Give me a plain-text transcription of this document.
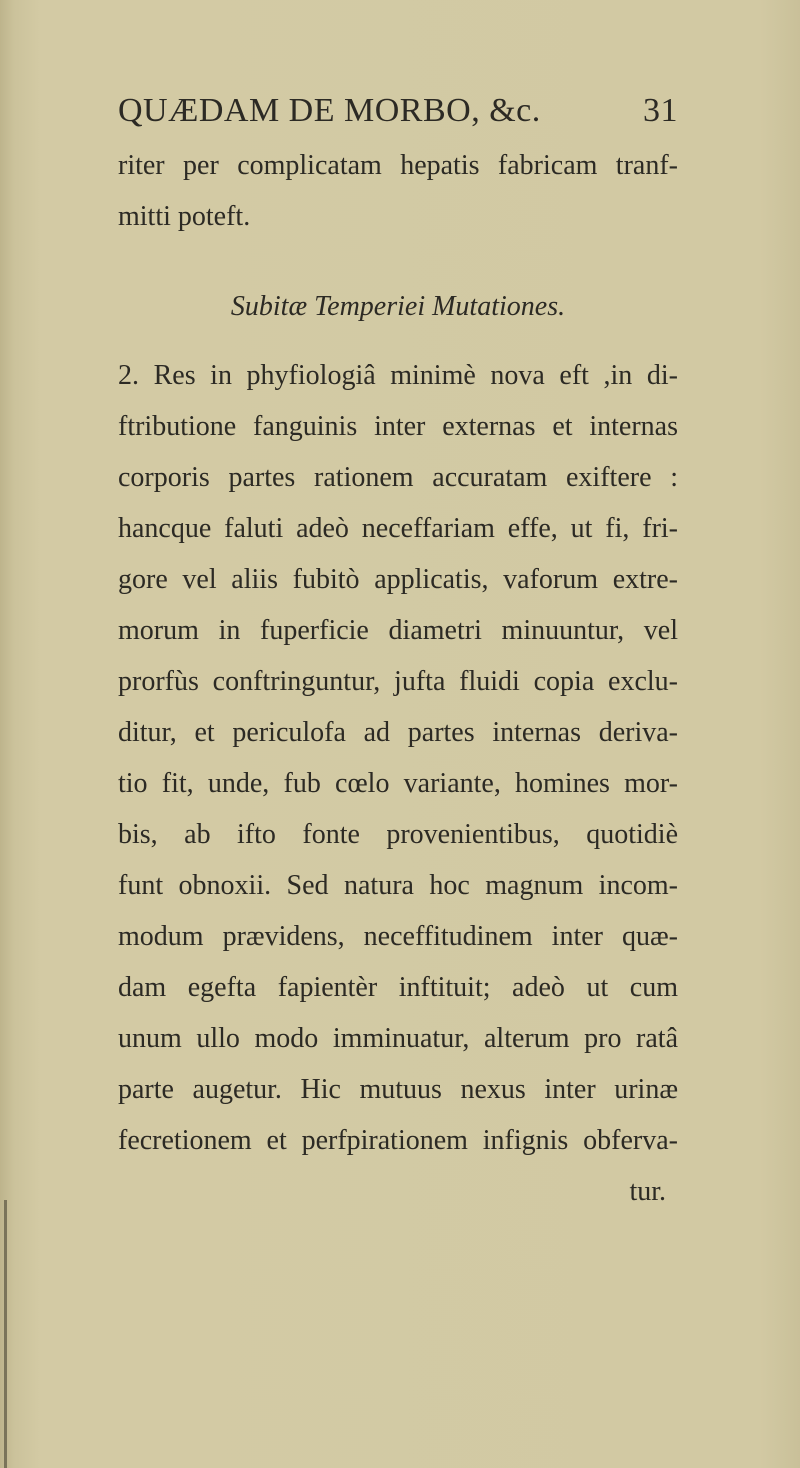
QUÆDAM DE MORBO, &c.	31
riter per complicatam hepatis fabricam tranf-
mitti poteft.
Subitæ Temperiei Mutationes.
2. Res in phyfiologiâ minimè nova eft ,in di-
ftributione fanguinis inter externas et internas
corporis partes rationem accuratam exiftere :
hancque faluti adeò neceffariam effe, ut fi, fri-
gore vel aliis fubitò applicatis, vaforum extre-
morum in fuperficie diametri minuuntur, vel
prorfùs conftringuntur, jufta fluidi copia exclu-
ditur, et periculofa ad partes internas deriva-
tio fit, unde, fub cœlo variante, homines mor-
bis, ab ifto fonte provenientibus, quotidiè
funt obnoxii. Sed natura hoc magnum incom-
modum prævidens, neceffitudinem inter quæ-
dam egefta fapientèr inftituit; adeò ut cum
unum ullo modo imminuatur, alterum pro ratâ
parte augetur. Hic mutuus nexus inter urinæ
fecretionem et perfpirationem infignis obferva-
tur.
